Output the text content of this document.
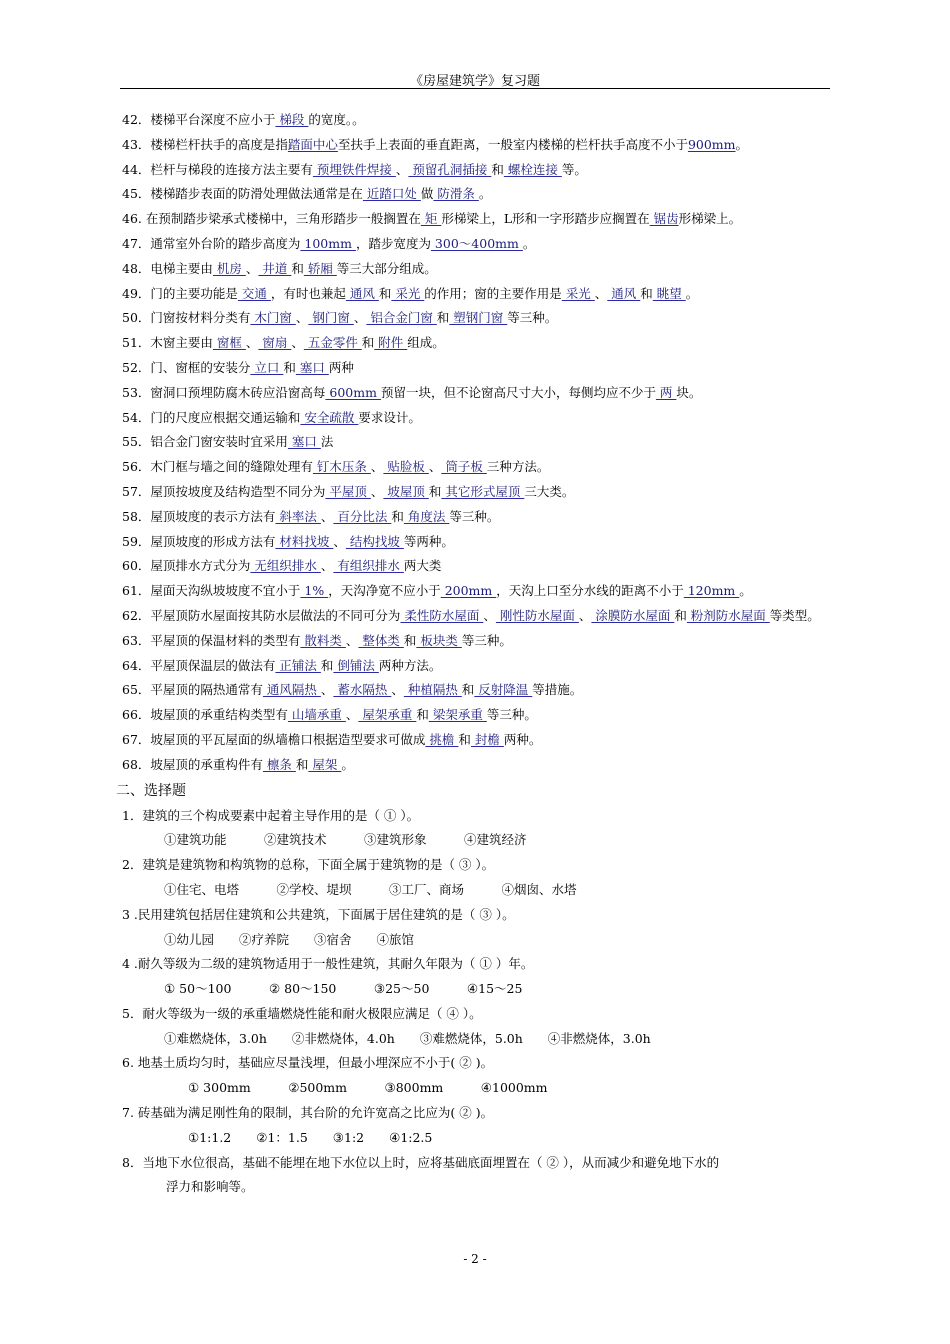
《房屋建筑学》复习题
42．楼梯平台深度不应小于 梯段 的宽度。。
43．楼梯栏杆扶手的高度是指踏面中心至扶手上表面的垂直距离，一般室内楼梯的栏杆扶手高度不小于900mm。
44．栏杆与梯段的连接方法主要有 预埋铁件焊接 、 预留孔洞插接 和 螺栓连接 等。
45．楼梯踏步表面的防滑处理做法通常是在 近踏口处 做 防滑条 。
46. 在预制踏步梁承式楼梯中，三角形踏步一般搁置在 矩 形梯梁上，L形和一字形踏步应搁置在 锯齿形梯梁上。
47．通常室外台阶的踏步高度为 100mm ，踏步宽度为 300～400mm 。
48．电梯主要由 机房 、 井道 和 轿厢 等三大部分组成。
49．门的主要功能是 交通 ，有时也兼起 通风 和 采光 的作用；窗的主要作用是 采光 、 通风 和 眺望 。
50．门窗按材料分类有 木门窗 、 钢门窗 、 铝合金门窗 和 塑钢门窗 等三种。
51．木窗主要由 窗框 、 窗扇 、 五金零件 和 附件 组成。
52．门、窗框的安装分 立口 和 塞口 两种
53．窗洞口预埋防腐木砖应沿窗高每 600mm 预留一块，但不论窗高尺寸大小，每侧均应不少于 两 块。
54．门的尺度应根据交通运输和 安全疏散 要求设计。
55．铝合金门窗安装时宜采用 塞口 法
56．木门框与墙之间的缝隙处理有 钉木压条 、 贴脸板 、 筒子板 三种方法。
57．屋顶按坡度及结构造型不同分为 平屋顶 、 坡屋顶 和 其它形式屋顶 三大类。
58．屋顶坡度的表示方法有 斜率法 、 百分比法 和 角度法 等三种。
59．屋顶坡度的形成方法有 材料找坡 、 结构找坡 等两种。
60．屋顶排水方式分为 无组织排水 、 有组织排水 两大类
61．屋面天沟纵坡坡度不宜小于 1% ，天沟净宽不应小于 200mm ，天沟上口至分水线的距离不小于 120mm 。
62．平屋顶防水屋面按其防水层做法的不同可分为 柔性防水屋面 、 刚性防水屋面 、 涂膜防水屋面 和 粉剂防水屋面 等类型。
63．平屋顶的保温材料的类型有 散料类 、 整体类 和 板块类 等三种。
64．平屋顶保温层的做法有 正铺法 和 倒铺法 两种方法。
65．平屋顶的隔热通常有 通风隔热 、 蓄水隔热 、 种植隔热 和 反射降温 等措施。
66．坡屋顶的承重结构类型有 山墙承重 、 屋架承重 和 梁架承重 等三种。
67．坡屋顶的平瓦屋面的纵墙檐口根据造型要求可做成 挑檐 和 封檐 两种。
68．坡屋顶的承重构件有 檩条 和 屋架 。
二、选择题
1．建筑的三个构成要素中起着主导作用的是（ ① ）。
①建筑功能　　　②建筑技术　　　③建筑形象　　　④建筑经济
2．建筑是建筑物和构筑物的总称，下面全属于建筑物的是（ ③ ）。
①住宅、电塔　　　②学校、堤坝　　　③工厂、商场　　　④烟囱、水塔
3 .民用建筑包括居住建筑和公共建筑，下面属于居住建筑的是（ ③ ）。
①幼儿园　　②疗养院　　③宿舍　　④旅馆
4 .耐久等级为二级的建筑物适用于一般性建筑，其耐久年限为（ ① ）年。
① 50～100　　　② 80～150　　　③25～50　　　④15～25
5．耐火等级为一级的承重墙燃烧性能和耐火极限应满足（ ④ ）。
①难燃烧体，3.0h　　②非燃烧体，4.0h　　③难燃烧体，5.0h　　④非燃烧体，3.0h
6. 地基土质均匀时，基础应尽量浅埋，但最小埋深应不小于( ② )。
① 300mm　　　②500mm　　　③800mm　　　④1000mm
7. 砖基础为满足刚性角的限制，其台阶的允许宽高之比应为( ② )。
①1:1.2　　②1：1.5　　③1:2　　④1:2.5
8．当地下水位很高，基础不能埋在地下水位以上时，应将基础底面埋置在（ ② ），从而减少和避免地下水的
浮力和影响等。
- 2 -
